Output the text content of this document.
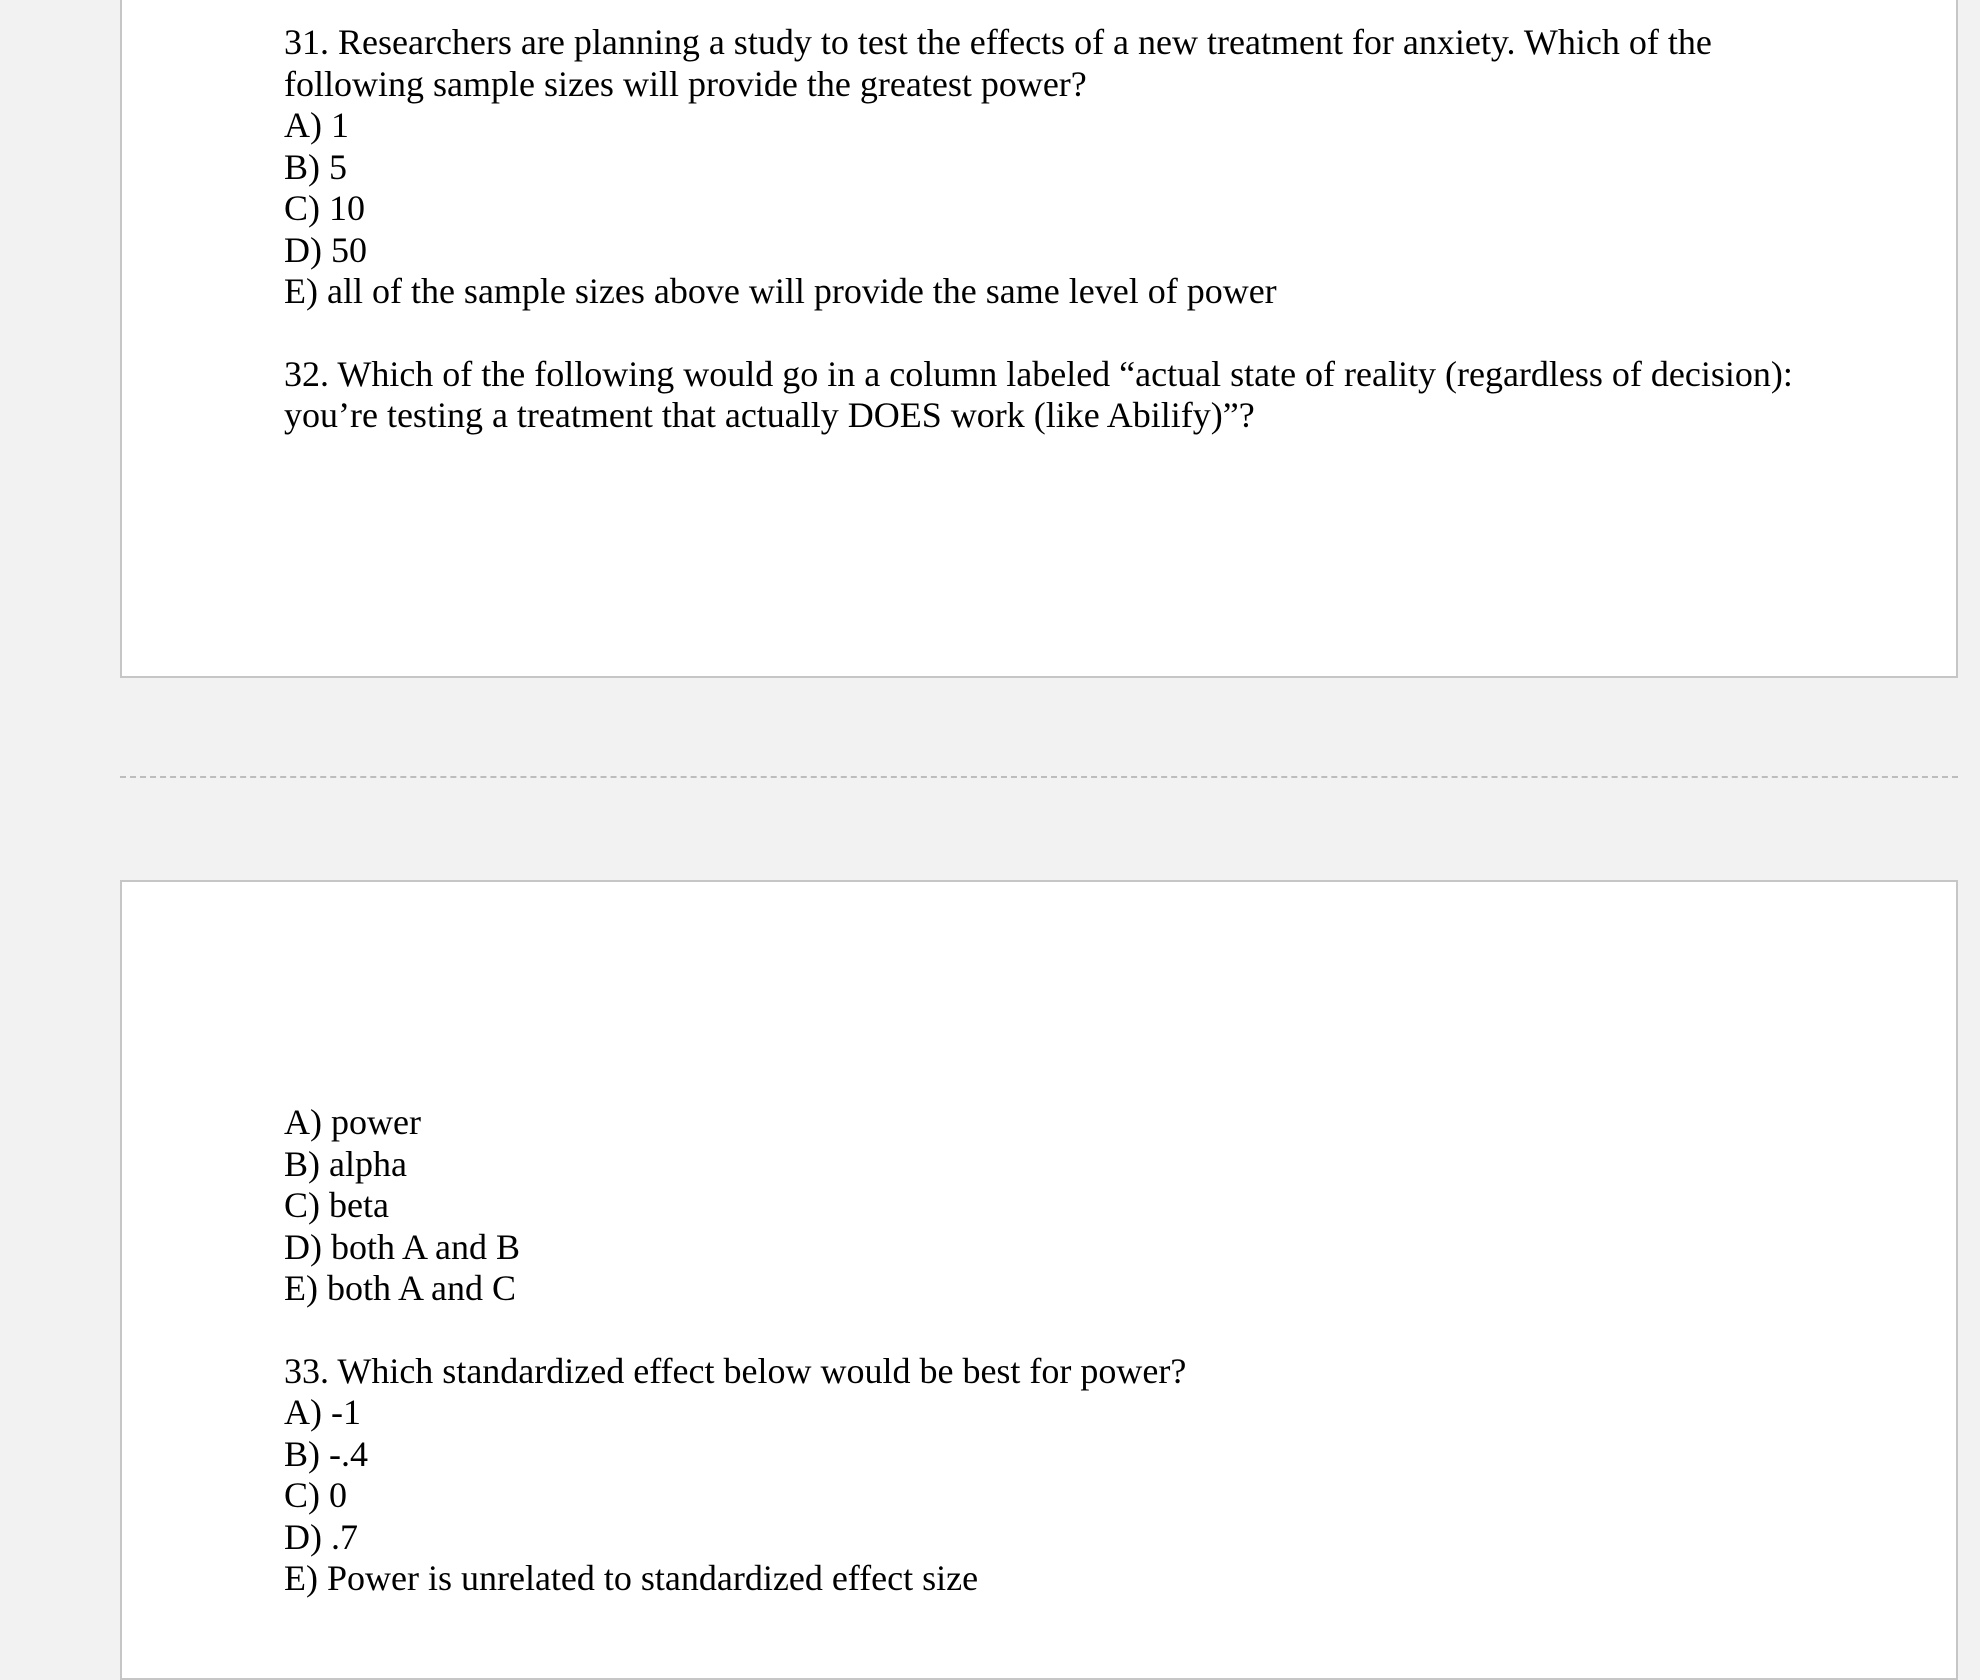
31. Researchers are planning a study to test the effects of a new treatment for anxiety. Which of the following sample sizes will provide the greatest power?
A) 1
B) 5
C) 10
D) 50
E) all of the sample sizes above will provide the same level of power
32. Which of the following would go in a column labeled “actual state of reality (regardless of decision): you’re testing a treatment that actually DOES work (like Abilify)”?
A) power
B) alpha
C) beta
D) both A and B
E) both A and C
33. Which standardized effect below would be best for power?
A) -1
B) -.4
C) 0
D) .7
E) Power is unrelated to standardized effect size
